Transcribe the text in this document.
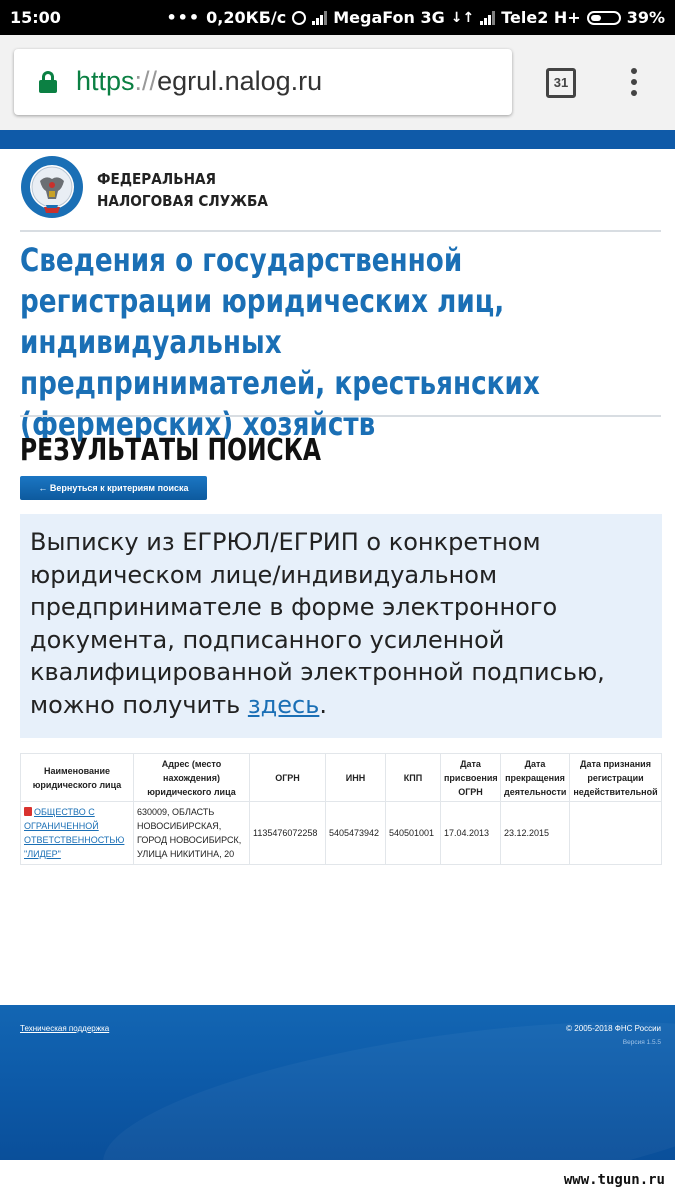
15:00	••• 0,20КБ/с	MegaFon 3G ↓↑ Tele2 H+	39%
https://egrul.nalog.ru	31
ФЕДЕРАЛЬНАЯ
НАЛОГОВАЯ СЛУЖБА
Сведения о государственной регистрации юридических лиц, индивидуальных предпринимателей, крестьянских (фермерских) хозяйств
РЕЗУЛЬТАТЫ ПОИСКА
← Вернуться к критериям поиска
Выписку из ЕГРЮЛ/ЕГРИП о конкретном юридическом лице/индивидуальном предпринимателе в форме электронного документа, подписанного усиленной квалифицированной электронной подписью, можно получить здесь.
Наименование юридического лица	Адрес (место нахождения) юридического лица	ОГРН	ИНН	КПП	Дата присвоения ОГРН	Дата прекращения деятельности	Дата признания регистрации недействительной
ОБЩЕСТВО С ОГРАНИЧЕННОЙ ОТВЕТСТВЕННОСТЬЮ "ЛИДЕР"	630009, ОБЛАСТЬ НОВОСИБИРСКАЯ, ГОРОД НОВОСИБИРСК, УЛИЦА НИКИТИНА, 20	1135476072258	5405473942	540501001	17.04.2013	23.12.2015	
Техническая поддержка	© 2005-2018 ФНС России
Версия 1.5.5
www.tugun.ru
